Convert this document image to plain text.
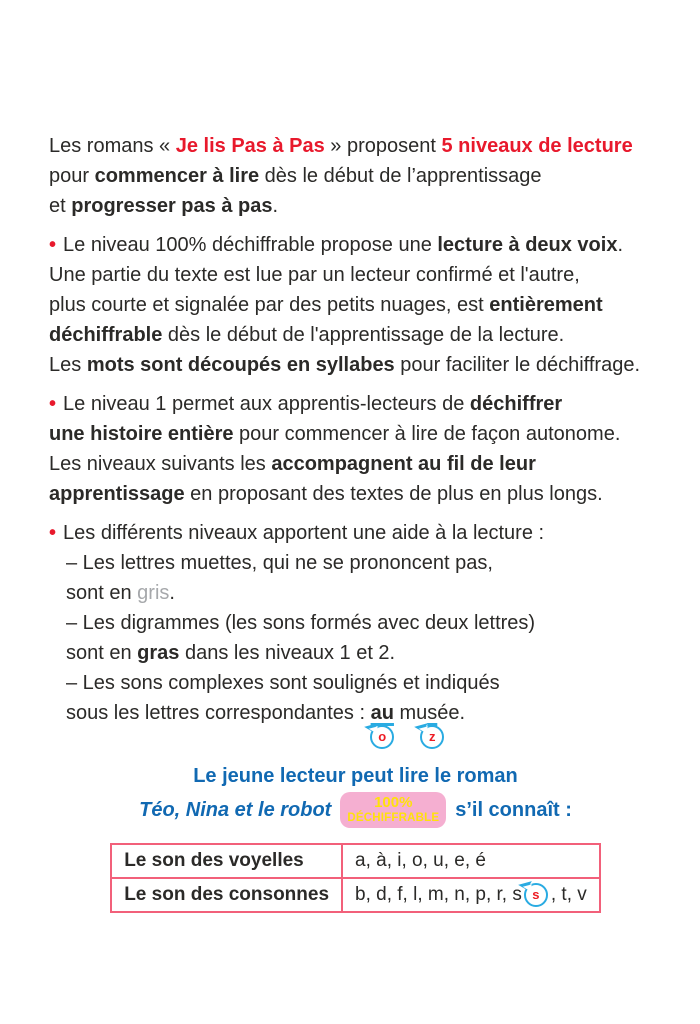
Les romans « Je lis Pas à Pas » proposent 5 niveaux de lecture
pour commencer à lire dès le début de l’apprentissage
et progresser pas à pas.
• Le niveau 100% déchiffrable propose une lecture à deux voix.
Une partie du texte est lue par un lecteur confirmé et l'autre,
plus courte et signalée par des petits nuages, est entièrement
déchiffrable dès le début de l'apprentissage de la lecture.
Les mots sont découpés en syllabes pour faciliter le déchiffrage.
• Le niveau 1 permet aux apprentis-lecteurs de déchiffrer
une histoire entière pour commencer à lire de façon autonome.
Les niveaux suivants les accompagnent au fil de leur
apprentissage en proposant des textes de plus en plus longs.
• Les différents niveaux apportent une aide à la lecture :
– Les lettres muettes, qui ne se prononcent pas,
sont en gris.
– Les digrammes (les sons formés avec deux lettres)
sont en gras dans les niveaux 1 et 2.
– Les sons complexes sont soulignés et indiqués
sous les lettres correspondantes : au
o
mus
z
ée.
Le jeune lecteur peut lire le roman
Téo, Nina et le robot	100%
DÉCHIFFRABLE s’il connaît :
Le son des voyelles	a, à, i, o, u, e, é
Le son des consonnes	b, d, f, l, m, n, p, r, s s , t, v
